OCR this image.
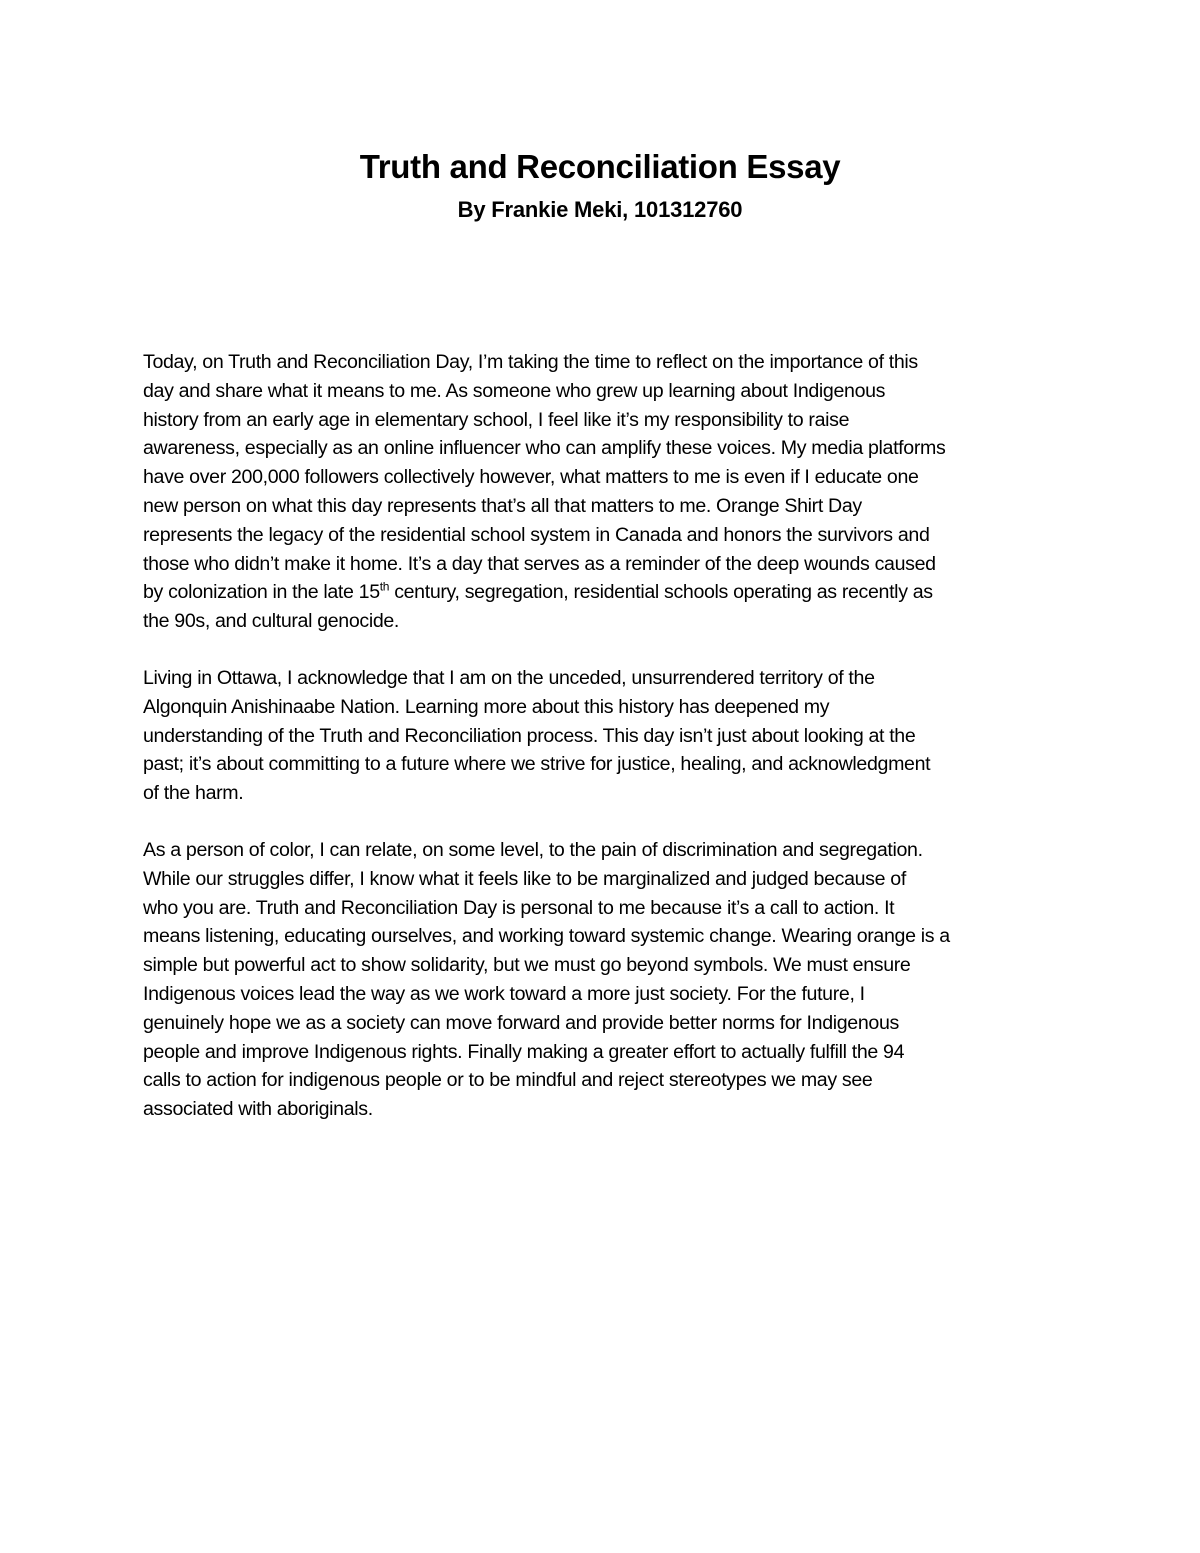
Truth and Reconciliation Essay
By Frankie Meki, 101312760
Today, on Truth and Reconciliation Day, I’m taking the time to reflect on the importance of this
day and share what it means to me. As someone who grew up learning about Indigenous
history from an early age in elementary school, I feel like it’s my responsibility to raise
awareness, especially as an online influencer who can amplify these voices. My media platforms
have over 200,000 followers collectively however, what matters to me is even if I educate one
new person on what this day represents that’s all that matters to me. Orange Shirt Day
represents the legacy of the residential school system in Canada and honors the survivors and
those who didn’t make it home. It’s a day that serves as a reminder of the deep wounds caused
by colonization in the late 15th century, segregation, residential schools operating as recently as
the 90s, and cultural genocide.
Living in Ottawa, I acknowledge that I am on the unceded, unsurrendered territory of the
Algonquin Anishinaabe Nation. Learning more about this history has deepened my
understanding of the Truth and Reconciliation process. This day isn’t just about looking at the
past; it’s about committing to a future where we strive for justice, healing, and acknowledgment
of the harm.
As a person of color, I can relate, on some level, to the pain of discrimination and segregation.
While our struggles differ, I know what it feels like to be marginalized and judged because of
who you are. Truth and Reconciliation Day is personal to me because it’s a call to action. It
means listening, educating ourselves, and working toward systemic change. Wearing orange is a
simple but powerful act to show solidarity, but we must go beyond symbols. We must ensure
Indigenous voices lead the way as we work toward a more just society. For the future, I
genuinely hope we as a society can move forward and provide better norms for Indigenous
people and improve Indigenous rights. Finally making a greater effort to actually fulfill the 94
calls to action for indigenous people or to be mindful and reject stereotypes we may see
associated with aboriginals.
